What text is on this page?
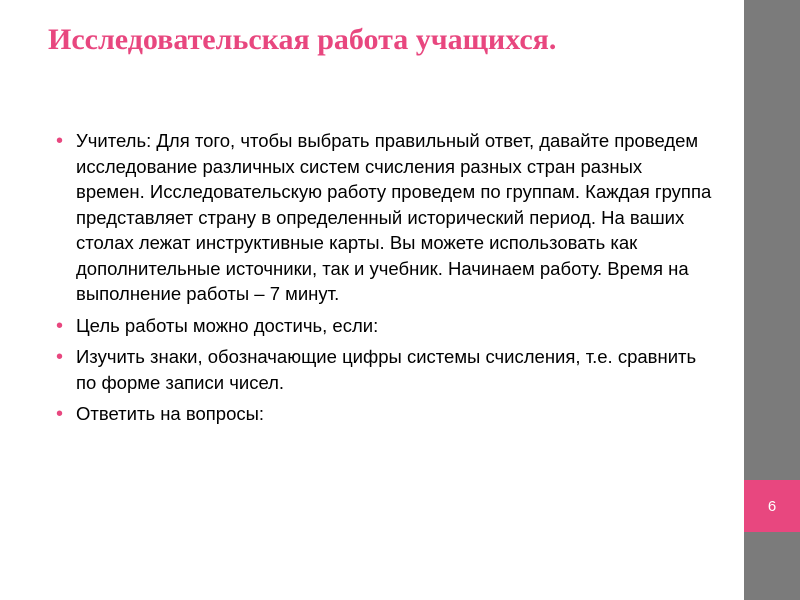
6
Исследовательская работа учащихся.
• Учитель: Для того, чтобы выбрать правильный ответ, давайте проведем исследование различных систем счисления разных стран разных времен. Исследовательскую работу проведем по группам. Каждая группа представляет страну в определенный исторический период. На ваших столах лежат инструктивные карты. Вы можете использовать как дополнительные источники, так и учебник. Начинаем работу. Время на выполнение работы – 7 минут.
• Цель работы можно достичь, если:
• Изучить знаки, обозначающие цифры системы счисления, т.е. сравнить по форме записи чисел.
• Ответить на вопросы:
